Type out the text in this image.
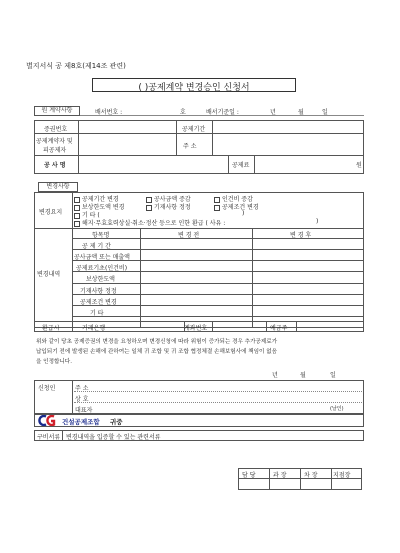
별지서식 공 제8호(제14조 관련)
( )공제계약 변경승인 신청서
원 계약사항	배서번호 :	호	배서기준일 :	년	월	일
증권번호	공제기간
공제계약자 및
피공제자
주 소
공 사 명	공제료	원
변경사항
변경요지
공제기간 변경	공사금액 증감	인건비 증감
보상한도액 변경	기재사항 정정	공제조건 변경
기 타 (	)
해지·무효효력상실·취소·정산 등으로 인한 환급 ( 사유 :	)
변경내역
항목명	변 경 전	변 경 후
공 제 기 간
공사금액 또는 매출액
공제료기초(인건비)
보상한도액
기재사항 정정
공제조건 변경
기 타
환급시	거래은행	계좌번호	예금주
위와 같이 당초 공제증권의 변경을 요청하오며 변경신청에 따라 위험이 증가되는 경우 추가공제료가
납입되기 전에 발생된 손해에 관하여는 일체 귀 조합 및 귀 조합 협정체결 손해보험사에 책임이 없음
을 인정합니다.
년	월	일
신청인	주 소
상 호
대표자	(날인)
건설공제조합 귀중
구비서류 변경내역을 입증할 수 있는 관련서류
담 당	과 장	차 장	지점장
